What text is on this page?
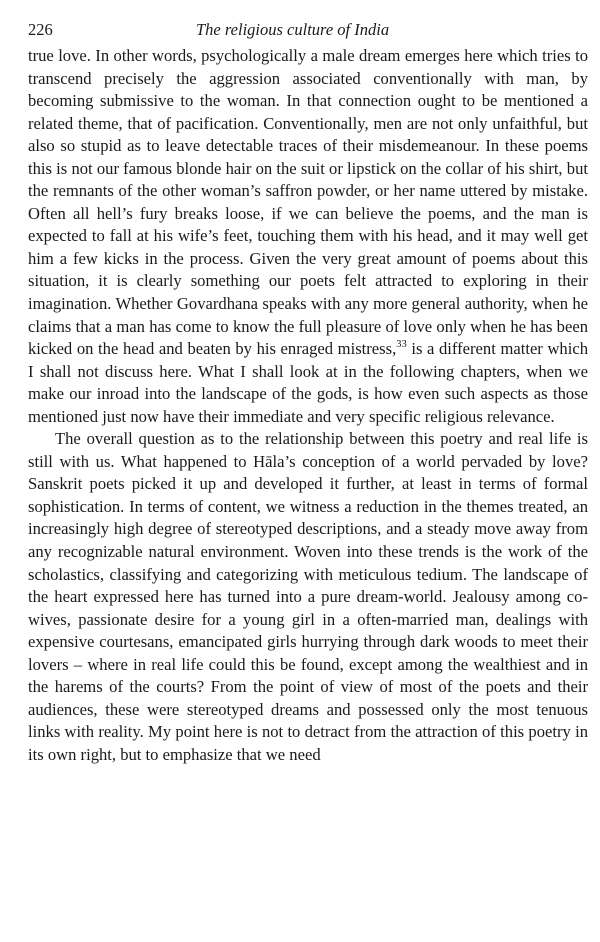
226	The religious culture of India

true love. In other words, psychologically a male dream emerges here which tries to transcend precisely the aggression associated conventionally with man, by becoming submissive to the woman. In that connection ought to be mentioned a related theme, that of pacification. Conventionally, men are not only unfaithful, but also so stupid as to leave detectable traces of their misdemeanour. In these poems this is not our famous blonde hair on the suit or lipstick on the collar of his shirt, but the remnants of the other woman’s saffron powder, or her name uttered by mistake. Often all hell’s fury breaks loose, if we can believe the poems, and the man is expected to fall at his wife’s feet, touching them with his head, and it may well get him a few kicks in the process. Given the very great amount of poems about this situation, it is clearly something our poets felt attracted to exploring in their imagination. Whether Govardhana speaks with any more general authority, when he claims that a man has come to know the full pleasure of love only when he has been kicked on the head and beaten by his enraged mistress,$^{33}$ is a different matter which I shall not discuss here. What I shall look at in the following chapters, when we make our inroad into the landscape of the gods, is how even such aspects as those mentioned just now have their immediate and very specific religious relevance.

The overall question as to the relationship between this poetry and real life is still with us. What happened to Hāla’s conception of a world pervaded by love? Sanskrit poets picked it up and developed it further, at least in terms of formal sophistication. In terms of content, we witness a reduction in the themes treated, an increasingly high degree of stereotyped descriptions, and a steady move away from any recognizable natural environment. Woven into these trends is the work of the scholastics, classifying and categorizing with meticulous tedium. The landscape of the heart expressed here has turned into a pure dream-world. Jealousy among co-wives, passionate desire for a young girl in a often-married man, dealings with expensive courtesans, emancipated girls hurrying through dark woods to meet their lovers – where in real life could this be found, except among the wealthiest and in the harems of the courts? From the point of view of most of the poets and their audiences, these were stereotyped dreams and possessed only the most tenuous links with reality. My point here is not to detract from the attraction of this poetry in its own right, but to emphasize that we need
